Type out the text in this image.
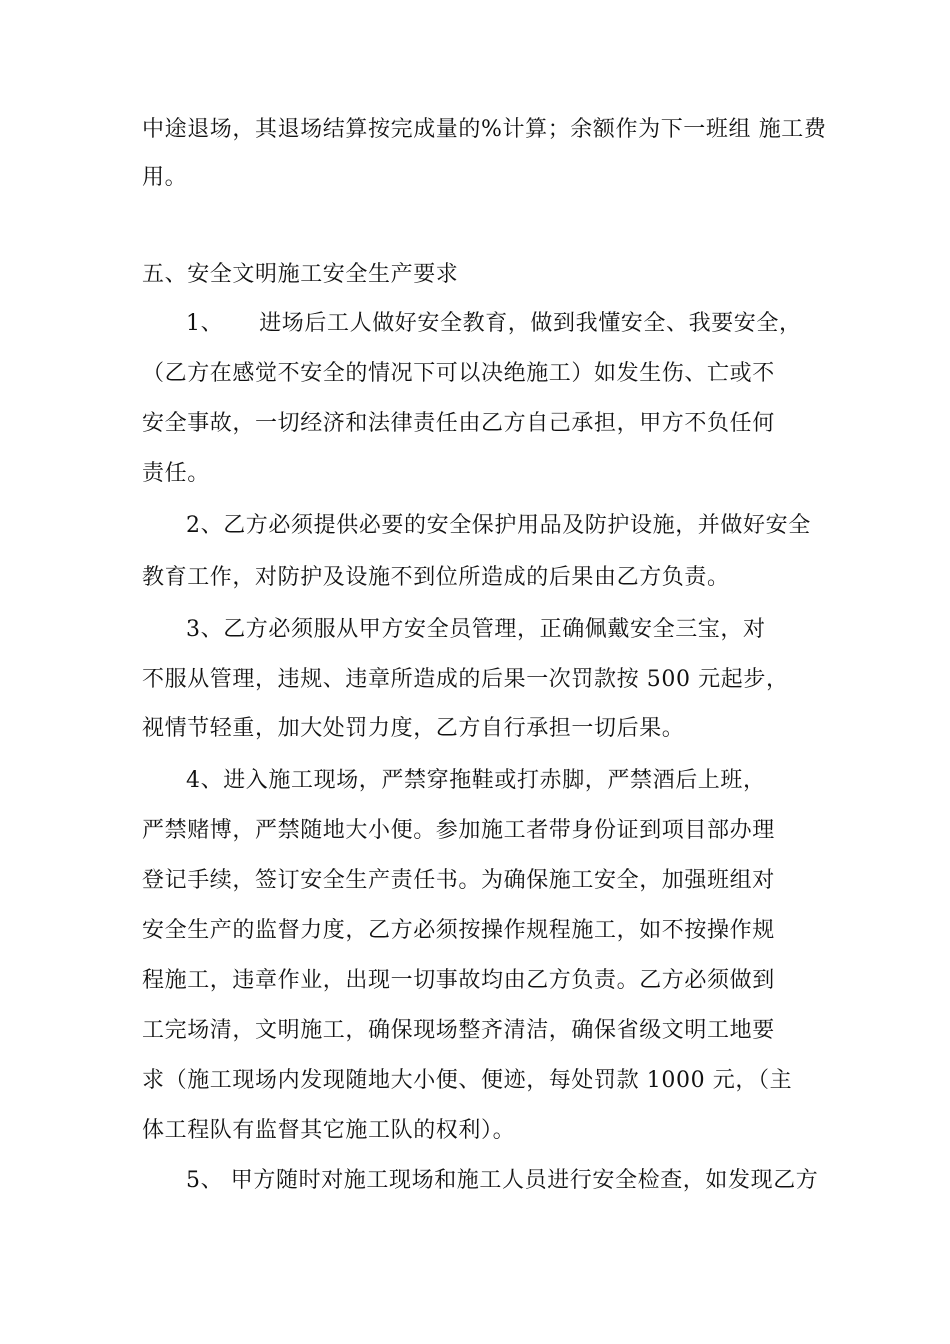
中途退场，其退场结算按完成量的%计算；余额作为下一班组 施工费
用。
五、安全文明施工安全生产要求
1、 进场后工人做好安全教育，做到我懂安全、我要安全，
（乙方在感觉不安全的情况下可以决绝施工）如发生伤、亡或不
安全事故，一切经济和法律责任由乙方自己承担，甲方不负任何
责任。
2、乙方必须提供必要的安全保护用品及防护设施，并做好安全
教育工作，对防护及设施不到位所造成的后果由乙方负责。
3、乙方必须服从甲方安全员管理，正确佩戴安全三宝，对
不服从管理，违规、违章所造成的后果一次罚款按 500 元起步，
视情节轻重，加大处罚力度，乙方自行承担一切后果。
4、进入施工现场，严禁穿拖鞋或打赤脚，严禁酒后上班，
严禁赌博，严禁随地大小便。参加施工者带身份证到项目部办理
登记手续，签订安全生产责任书。为确保施工安全，加强班组对
安全生产的监督力度，乙方必须按操作规程施工，如不按操作规
程施工，违章作业，出现一切事故均由乙方负责。乙方必须做到
工完场清，文明施工，确保现场整齐清洁，确保省级文明工地要
求（施工现场内发现随地大小便、便迹，每处罚款 1000 元，（主
体工程队有监督其它施工队的权利）。
5、 甲方随时对施工现场和施工人员进行安全检查，如发现乙方
